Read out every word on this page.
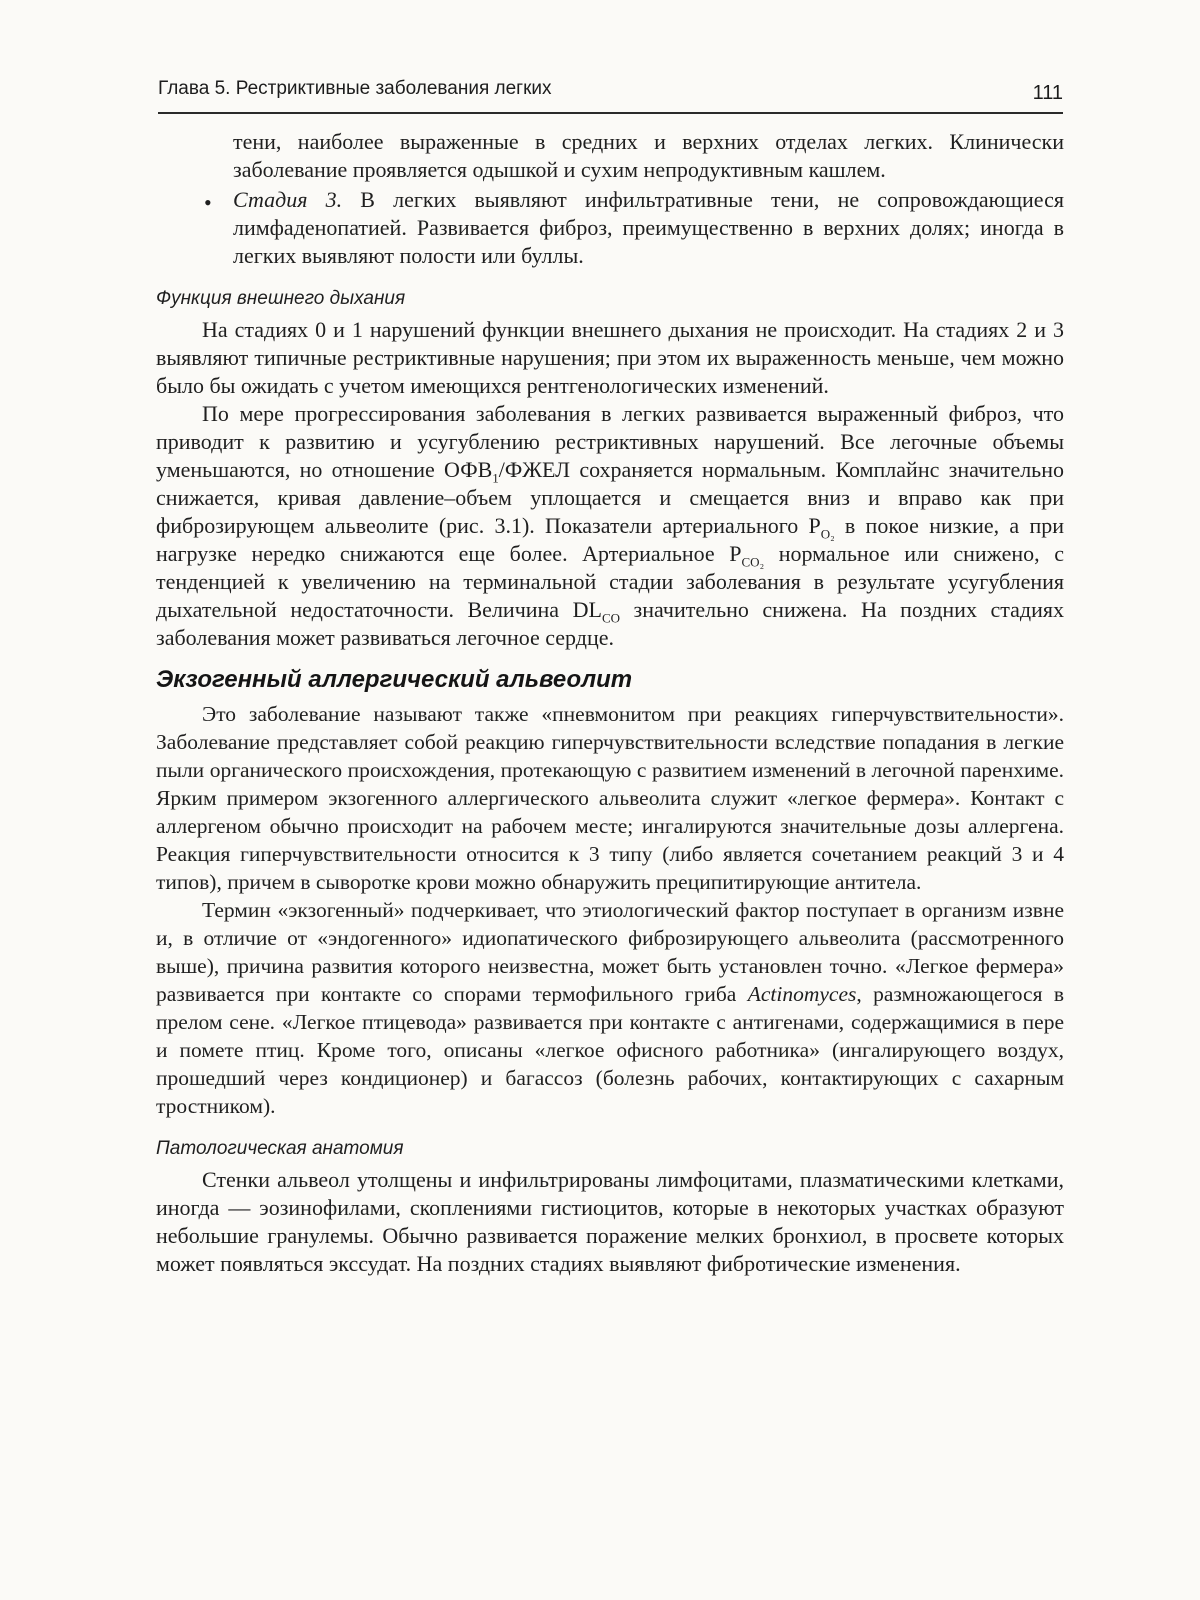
Глава 5. Рестриктивные заболевания легких	111

тени, наиболее выраженные в средних и верхних отделах легких. Клинически заболевание проявляется одышкой и сухим непродуктивным кашлем.

• Стадия 3. В легких выявляют инфильтративные тени, не сопровождающиеся лимфаденопатией. Развивается фиброз, преимущественно в верхних долях; иногда в легких выявляют полости или буллы.

Функция внешнего дыхания

На стадиях 0 и 1 нарушений функции внешнего дыхания не происходит. На стадиях 2 и 3 выявляют типичные рестриктивные нарушения; при этом их выраженность меньше, чем можно было бы ожидать с учетом имеющихся рентгенологических изменений.

По мере прогрессирования заболевания в легких развивается выраженный фиброз, что приводит к развитию и усугублению рестриктивных нарушений. Все легочные объемы уменьшаются, но отношение $ОФВ_1$/ФЖЕЛ сохраняется нормальным. Комплайнс значительно снижается, кривая давление–объем уплощается и смещается вниз и вправо как при фиброзирующем альвеолите (рис. 3.1). Показатели артериального $P_{O_2}$ в покое низкие, а при нагрузке нередко снижаются еще более. Артериальное $P_{CO_2}$ нормальное или снижено, с тенденцией к увеличению на терминальной стадии заболевания в результате усугубления дыхательной недостаточности. Величина $DL_{CO}$ значительно снижена. На поздних стадиях заболевания может развиваться легочное сердце.

Экзогенный аллергический альвеолит

Это заболевание называют также «пневмонитом при реакциях гиперчувствительности». Заболевание представляет собой реакцию гиперчувствительности вследствие попадания в легкие пыли органического происхождения, протекающую с развитием изменений в легочной паренхиме. Ярким примером экзогенного аллергического альвеолита служит «легкое фермера». Контакт с аллергеном обычно происходит на рабочем месте; ингалируются значительные дозы аллергена. Реакция гиперчувствительности относится к 3 типу (либо является сочетанием реакций 3 и 4 типов), причем в сыворотке крови можно обнаружить преципитирующие антитела.

Термин «экзогенный» подчеркивает, что этиологический фактор поступает в организм извне и, в отличие от «эндогенного» идиопатического фиброзирующего альвеолита (рассмотренного выше), причина развития которого неизвестна, может быть установлен точно. «Легкое фермера» развивается при контакте со спорами термофильного гриба Actinomyces, размножающегося в прелом сене. «Легкое птицевода» развивается при контакте с антигенами, содержащимися в пере и помете птиц. Кроме того, описаны «легкое офисного работника» (ингалирующего воздух, прошедший через кондиционер) и багассоз (болезнь рабочих, контактирующих с сахарным тростником).

Патологическая анатомия

Стенки альвеол утолщены и инфильтрированы лимфоцитами, плазматическими клетками, иногда — эозинофилами, скоплениями гистиоцитов, которые в некоторых участках образуют небольшие гранулемы. Обычно развивается поражение мелких бронхиол, в просвете которых может появляться экссудат. На поздних стадиях выявляют фибротические изменения.
